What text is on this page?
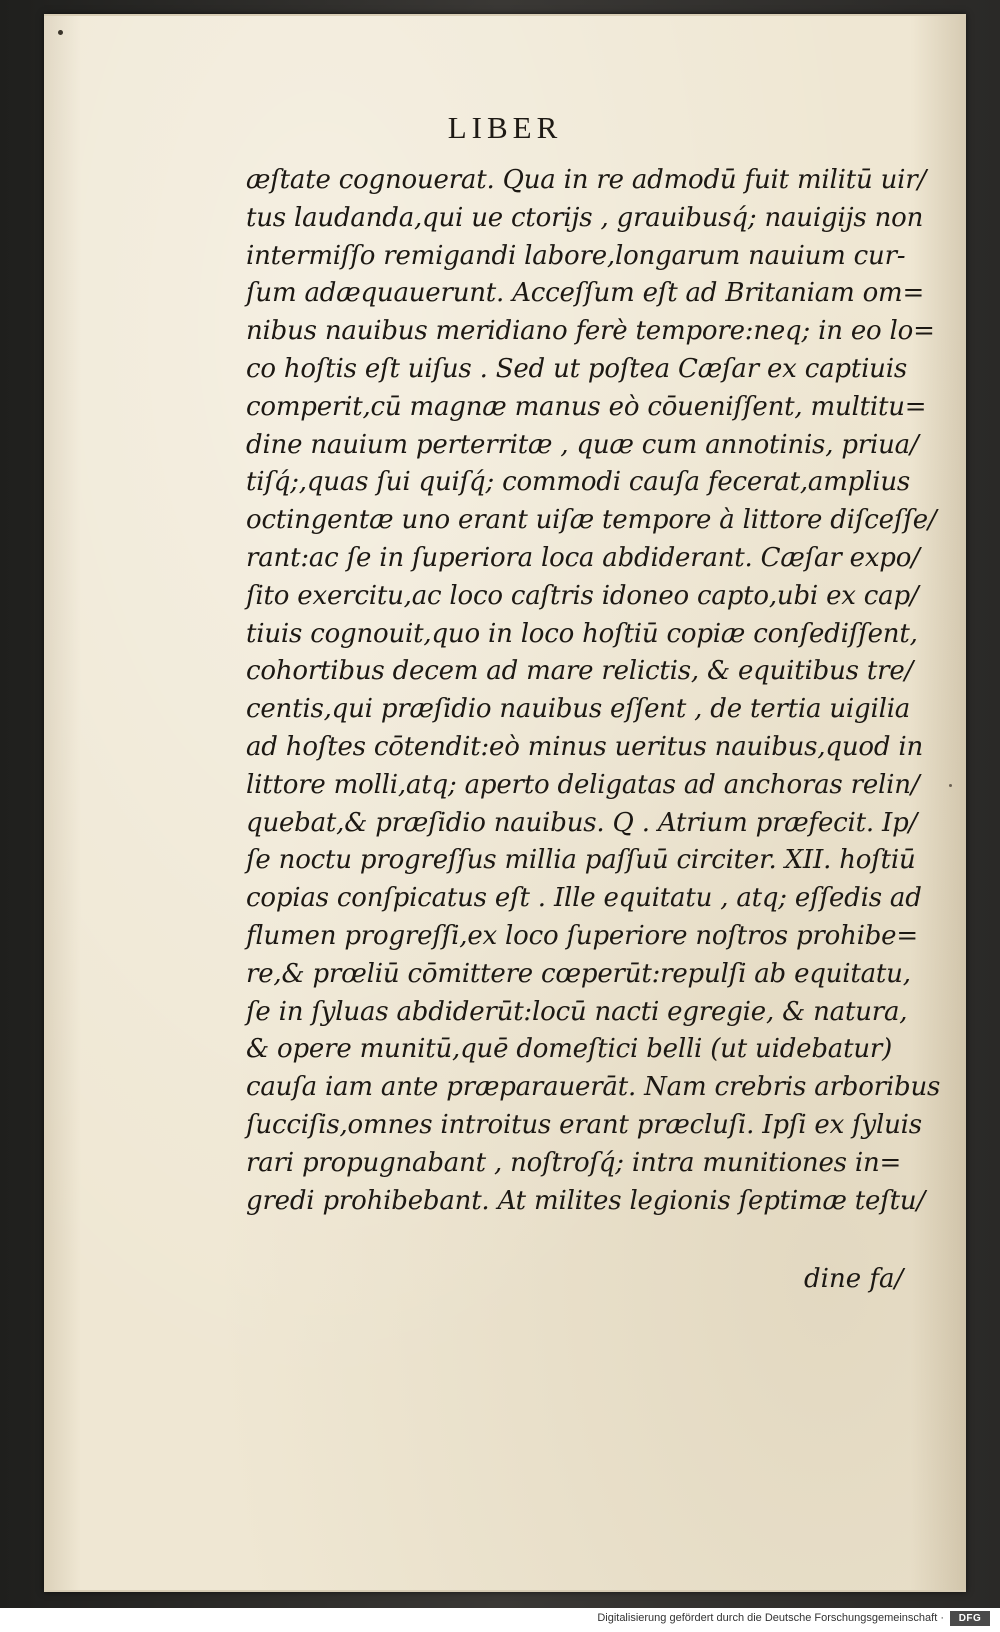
LIBER
æſtate cognouerat. Qua in re admodū fuit militū uir/
tus laudanda,qui ue ctorijs , grauibusq́; nauigijs non
intermiſſo remigandi labore,longarum nauium cur-
ſum adæquauerunt. Acceſſum eſt ad Britaniam om=
nibus nauibus meridiano ferè tempore:neq; in eo lo=
co hoſtis eſt uiſus . Sed ut poſtea Cæſar ex captiuis
comperit,cū magnæ manus eò cōueniſſent, multitu=
dine nauium perterritæ , quæ cum annotinis, priua/
tiſq́;,quas ſui quiſq́; commodi cauſa fecerat,amplius
octingentæ uno erant uiſæ tempore à littore diſceſſe/
rant:ac ſe in ſuperiora loca abdiderant. Cæſar expo/
ſito exercitu,ac loco caſtris idoneo capto,ubi ex cap/
tiuis cognouit,quo in loco hoſtiū copiæ conſediſſent,
cohortibus decem ad mare relictis, & equitibus tre/
centis,qui præſidio nauibus eſſent , de tertia uigilia
ad hoſtes cōtendit:eò minus ueritus nauibus,quod in
littore molli,atq; aperto deligatas ad anchoras relin/
quebat,& præſidio nauibus. Q . Atrium præfecit. Ip/
ſe noctu progreſſus millia paſſuū circiter. XII. hoſtiū
copias conſpicatus eſt . Ille equitatu , atq; eſſedis ad
flumen progreſſi,ex loco ſuperiore noſtros prohibe=
re,& prœliū cōmittere cœperūt:repulſi ab equitatu,
ſe in ſyluas abdiderūt:locū nacti egregie, & natura,
& opere munitū,quē domeſtici belli (ut uidebatur)
cauſa iam ante præparauerāt. Nam crebris arboribus
ſucciſis,omnes introitus erant præcluſi. Ipſi ex ſyluis
rari propugnabant , noſtroſq́; intra munitiones in=
gredi prohibebant. At milites legionis ſeptimæ teſtu/
dine fa/
Digitalisierung gefördert durch die Deutsche Forschungsgemeinschaft ·	DFG
